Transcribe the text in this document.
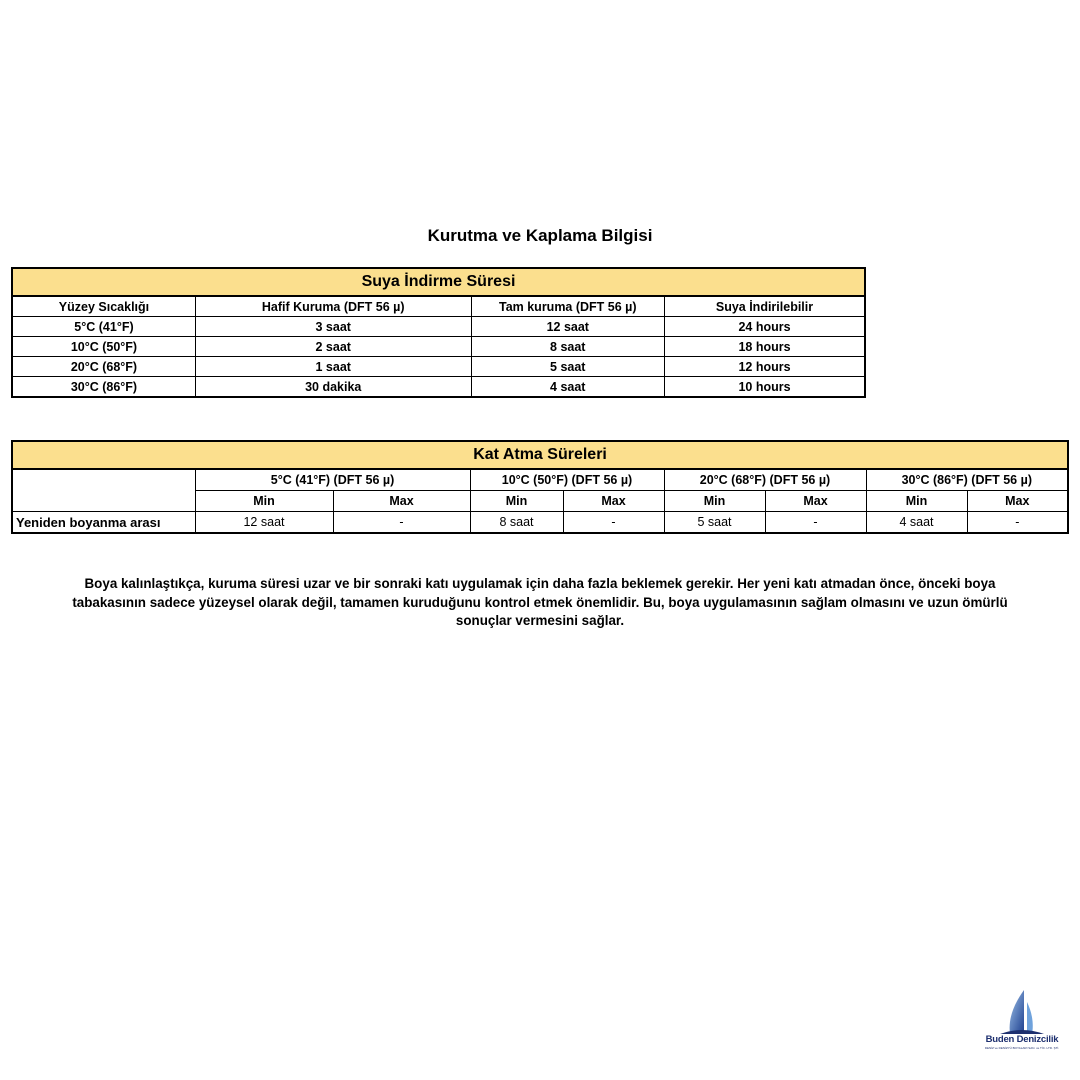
Kurutma ve Kaplama Bilgisi
Suya İndirme Süresi			
Yüzey Sıcaklığı	Hafif Kuruma (DFT 56 µ)	Tam kuruma (DFT 56 µ)	Suya İndirilebilir
5°C (41°F)	3 saat	12 saat	24 hours
10°C (50°F)	2 saat	8 saat	18 hours
20°C (68°F)	1 saat	5 saat	12 hours
30°C (86°F)	30 dakika	4 saat	10 hours
Kat Atma Süreleri								
	5°C (41°F) (DFT 56 µ)		10°C (50°F) (DFT 56 µ)		20°C (68°F) (DFT 56 µ)		30°C (86°F) (DFT 56 µ)	
	Min	Max	Min	Max	Min	Max	Min	Max
Yeniden boyanma arası	12 saat	-	8 saat	-	5 saat	-	4 saat	-
Boya kalınlaştıkça, kuruma süresi uzar ve bir sonraki katı uygulamak için daha fazla beklemek gerekir. Her yeni katı atmadan önce, önceki boya
tabakasının sadece yüzeysel olarak değil, tamamen kuruduğunu kontrol etmek önemlidir. Bu, boya uygulamasının sağlam olmasını ve uzun ömürlü
sonuçlar vermesini sağlar.
Buden Denizcilik
DENİZ ve DENİZYÜ BOYALARI SAN. ve TİC. LTD. ŞTİ.
